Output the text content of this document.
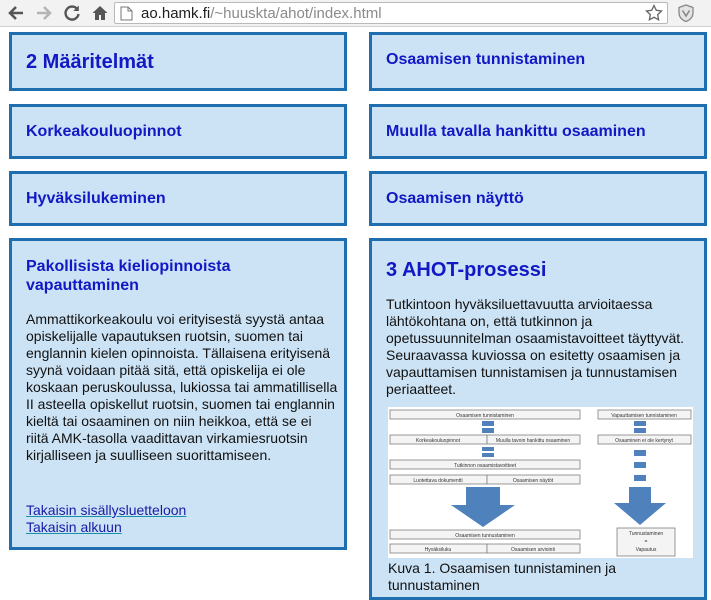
ao.hamk.fi/~huuskta/ahot/index.html
2 Määritelmät
Korkeakouluopinnot
Hyväksilukeminen
Pakollisista kieliopinnoista
vapauttaminen
Ammattikorkeakoulu voi erityisestä syystä antaa opiskelijalle vapautuksen ruotsin, suomen tai englannin kielen opinnoista. Tällaisena erityisenä syynä voidaan pitää sitä, että opiskelija ei ole koskaan peruskoulussa, lukiossa tai ammatillisella II asteella opiskellut ruotsin, suomen tai englannin kieltä tai osaaminen on niin heikkoa, että se ei riitä AMK-tasolla vaadittavan virkamiesruotsin kirjalliseen ja suulliseen suorittamiseen.
Takaisin sisällysluetteloon
Takaisin alkuun
Osaamisen tunnistaminen
Muulla tavalla hankittu osaaminen
Osaamisen näyttö
3 AHOT-prosessi
Tutkintoon hyväksiluettavuutta arvioitaessa lähtökohtana on, että tutkinnon ja opetussuunnitelman osaamistavoitteet täyttyvät. Seuraavassa kuviossa on esitetty osaamisen ja vapauttamisen tunnistamisen ja tunnustamisen periaatteet.
Osaamisen tunnistaminen	Vapauttamisen tunnistaminen
Korkeakouluopinnot	Muulla tavoin hankittu osaaminen	Osaaminen ei ole kertynyt
Tutkinnon osaamistavoitteet
Luotettava dokumentti	Osaamisen näytöt
Osaamisen tunnustaminen
Hyväksiluku	Osaamisen arviointi
Tunnustaminen
=
Vapautus
Kuva 1. Osaamisen tunnistaminen ja tunnustaminen
